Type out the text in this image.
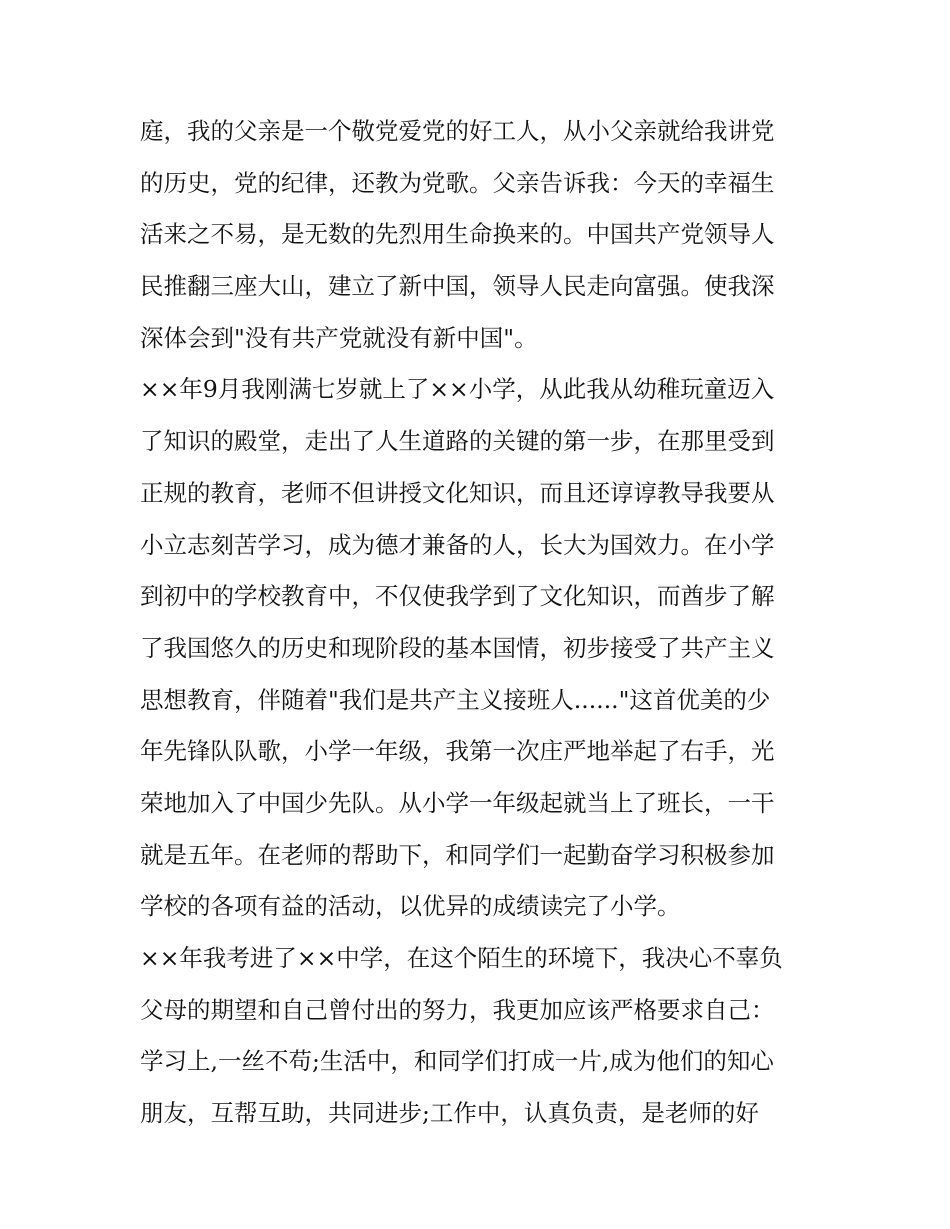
庭，我的父亲是一个敬党爱党的好工人，从小父亲就给我讲党
的历史，党的纪律，还教为党歌。父亲告诉我：今天的幸福生
活来之不易，是无数的先烈用生命换来的。中国共产党领导人
民推翻三座大山，建立了新中国，领导人民走向富强。使我深
深体会到"没有共产党就没有新中国"。
××年9月我刚满七岁就上了××小学，从此我从幼稚玩童迈入
了知识的殿堂，走出了人生道路的关键的第一步，在那里受到
正规的教育，老师不但讲授文化知识，而且还谆谆教导我要从
小立志刻苦学习，成为德才兼备的人，长大为国效力。在小学
到初中的学校教育中，不仅使我学到了文化知识，而酋步了解
了我国悠久的历史和现阶段的基本国情，初步接受了共产主义
思想教育，伴随着"我们是共产主义接班人......"这首优美的少
年先锋队队歌，小学一年级，我第一次庄严地举起了右手，光
荣地加入了中国少先队。从小学一年级起就当上了班长，一干
就是五年。在老师的帮助下，和同学们一起勤奋学习积极参加
学校的各项有益的活动，以优异的成绩读完了小学。
××年我考进了××中学，在这个陌生的环境下，我决心不辜负
父母的期望和自己曾付出的努力，我更加应该严格要求自己：
学习上,一丝不苟;生活中，和同学们打成一片,成为他们的知心
朋友，互帮互助，共同进步;工作中，认真负责，是老师的好
